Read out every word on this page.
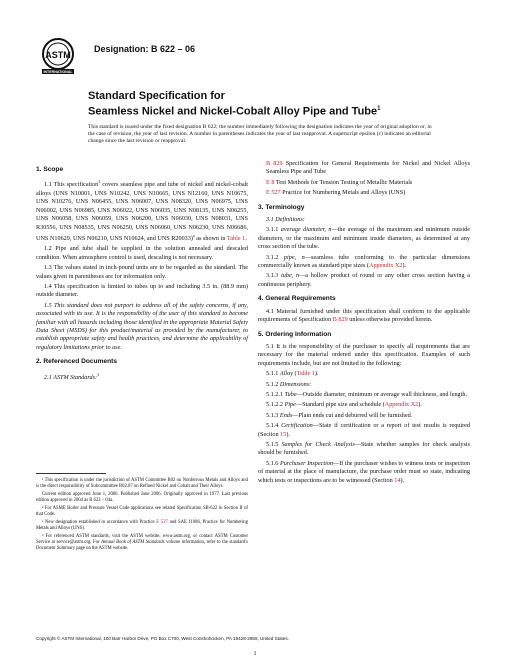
ASTM
INTERNATIONAL
Designation: B 622 – 06
Standard Specification for
Seamless Nickel and Nickel-Cobalt Alloy Pipe and Tube$^1$
This standard is issued under the fixed designation B 622; the number immediately following the designation indicates the year of original adoption or, in the case of revision, the year of last revision. A number in parentheses indicates the year of last reapproval. A superscript epsilon (ε) indicates an editorial change since the last revision or reapproval.

1. Scope

1.1 This specification$^2$ covers seamless pipe and tube of nickel and nickel-cobalt alloys (UNS N10001, UNS N10242, UNS N10665, UNS N12160, UNS N10675, UNS N10276, UNS N06455, UNS N06007, UNS N08320, UNS N06975, UNS N06002, UNS N06985, UNS N06022, UNS N06035, UNS N08135, UNS N06255, UNS N06058, UNS N06059, UNS N06200, UNS N06030, UNS N08031, UNS R30556, UNS N08535, UNS N06250, UNS N06060, UNS N06230, UNS N06686, UNS N10629, UNS N06210, UNS N10624, and UNS R20033)$^a$ as shown in Table 1.

1.2 Pipe and tube shall be supplied in the solution annealed and descaled condition. When atmosphere control is used, descaling is not necessary.

1.3 The values stated in inch-pound units are to be regarded as the standard. The values given in parentheses are for information only.

1.4 This specification is limited to tubes up to and including 3.5 in. (88.9 mm) outside diameter.

1.5 This standard does not purport to address all of the safety concerns, if any, associated with its use. It is the responsibility of the user of this standard to become familiar with all hazards including those identified in the appropriate Material Safety Data Sheet (MSDS) for this product/material as provided by the manufacturer, to establish appropriate safety and health practices, and determine the applicability of regulatory limitations prior to use.

2. Referenced Documents

2.1 ASTM Standards:$^3$

B 829 Specification for General Requirements for Nickel and Nickel Alloys Seamless Pipe and Tube

E 8 Test Methods for Tension Testing of Metallic Materials

E 527 Practice for Numbering Metals and Alloys (UNS)

3. Terminology

3.1 Definitions:

3.1.1 average diameter, n—the average of the maximum and minimum outside diameters, or the maximum and minimum inside diameters, as determined at any cross section of the tube.

3.1.2 pipe, n—seamless tube conforming to the particular dimensions commercially known as standard pipe sizes (Appendix X2).

3.1.3 tube, n—a hollow product of round or any other cross section having a continuous periphery.

4. General Requirements

4.1 Material furnished under this specification shall conform to the applicable requirements of Specification B 829 unless otherwise provided herein.

5. Ordering Information

5.1 It is the responsibility of the purchaser to specify all requirements that are necessary for the material ordered under this specification. Examples of such requirements include, but are not limited to the following:

5.1.1 Alloy (Table 1).

5.1.2 Dimensions:

5.1.2.1 Tube—Outside diameter, minimum or average wall thickness, and length.

5.1.2.2 Pipe—Standard pipe size and schedule (Appendix X2).

5.1.3 Ends—Plain ends cut and deburred will be furnished.

5.1.4 Certification—State if certification or a report of test results is required (Section 15).

5.1.5 Samples for Check Analysis—State whether samples for check analysis should be furnished.

5.1.6 Purchaser Inspection—If the purchaser wishes to witness tests or inspection of material at the place of manufacture, the purchase order must so state, indicating which tests or inspections are to be witnessed (Section 14).

¹ This specification is under the jurisdiction of ASTM Committee B02 on Nonferrous Metals and Alloys and is the direct responsibility of Subcommittee B02.07 on Refined Nickel and Cobalt and Their Alloys.

Current edition approved June 1, 2006. Published June 2006. Originally approved in 1977. Last previous edition approved in 2004 as B 622 – 04a.

² For ASME Boiler and Pressure Vessel Code applications see related Specification SB-622 in Section II of that Code.

ᵃ New designation established in accordance with Practice E 527 and SAE J1086, Practice for Numbering Metals and Alloys (UNS).

³ For referenced ASTM standards, visit the ASTM website, www.astm.org, or contact ASTM Customer Service at service@astm.org. For Annual Book of ASTM Standards volume information, refer to the standard's Document Summary page on the ASTM website.

Copyright © ASTM International, 100 Barr Harbor Drive, PO Box C700, West Conshohocken, PA 19428-2959, United States.
1
